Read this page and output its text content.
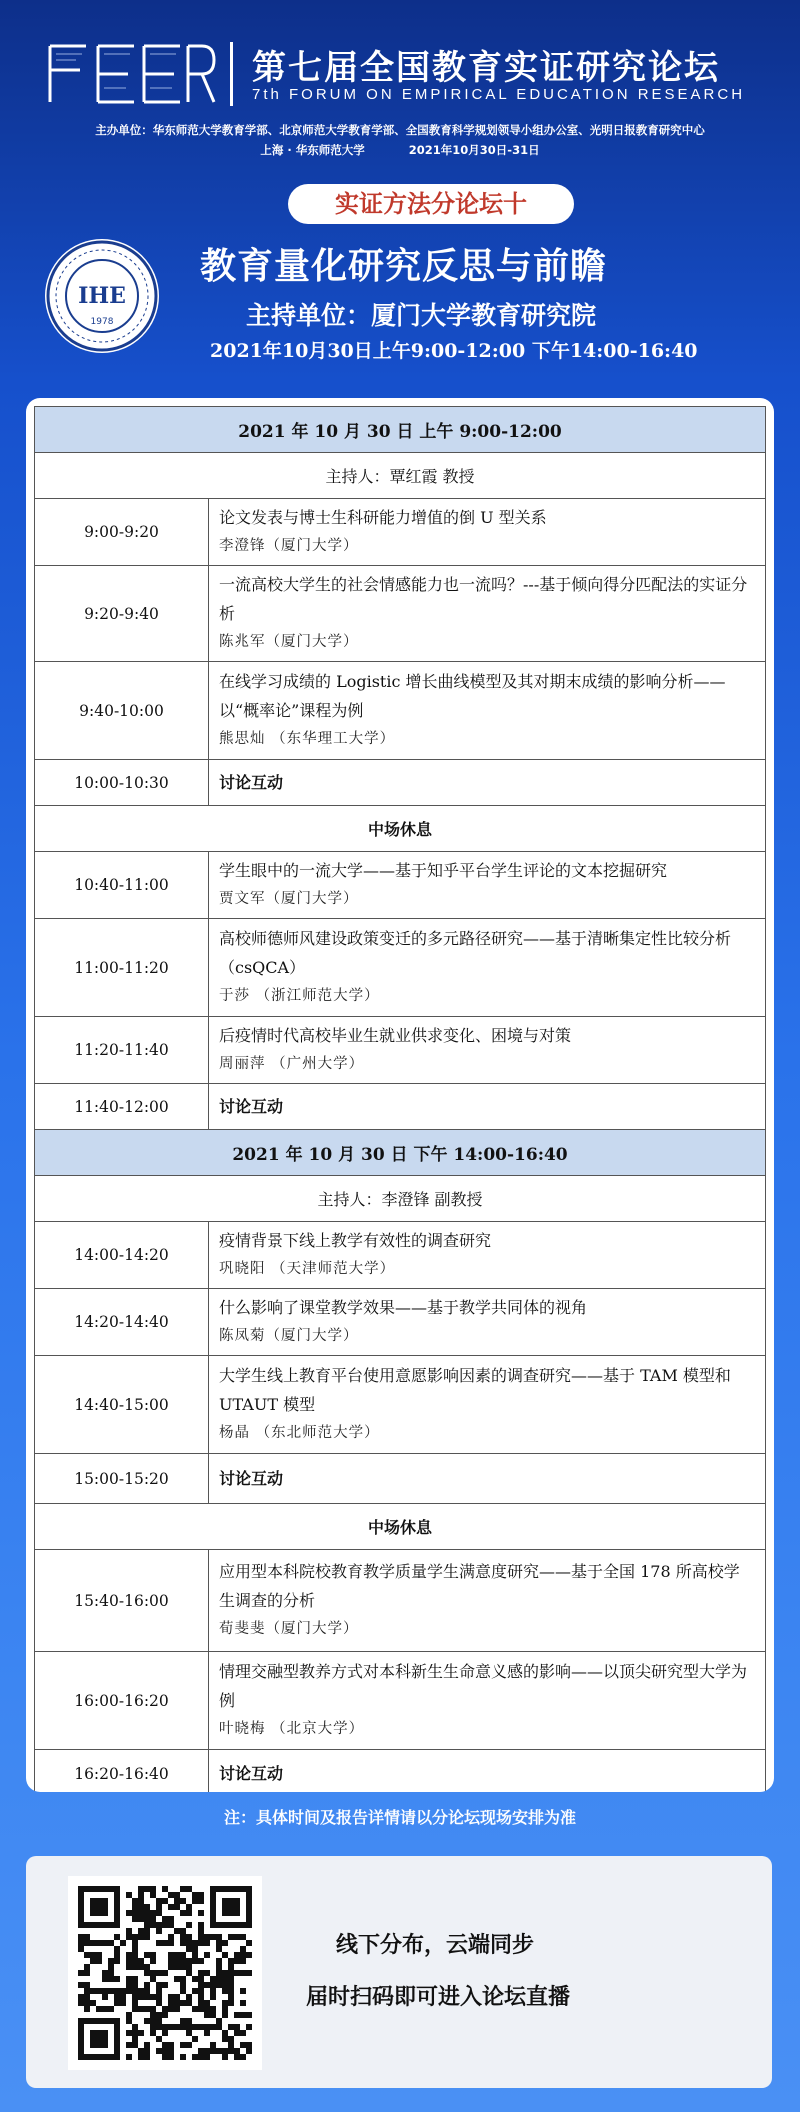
第七届全国教育实证研究论坛
7th FORUM ON EMPIRICAL EDUCATION RESEARCH
主办单位：华东师范大学教育学部、北京师范大学教育学部、全国教育科学规划领导小组办公室、光明日报教育研究中心
上海 · 华东师范大学	2021年10月30日-31日
实证方法分论坛十
IHE
1978
教育量化研究反思与前瞻
主持单位：厦门大学教育研究院
2021年10月30日上午9:00-12:00 下午14:00-16:40
2021 年 10 月 30 日 上午 9:00-12:00	
主持人：覃红霞 教授	
9:00-9:20	论文发表与博士生科研能力增值的倒 U 型关系
李澄锋（厦门大学）

9:20-9:40	一流高校大学生的社会情感能力也一流吗？---基于倾向得分匹配法的实证分析
陈兆军（厦门大学）

9:40-10:00	在线学习成绩的 Logistic 增长曲线模型及其对期末成绩的影响分析——以“概率论”课程为例
熊思灿 （东华理工大学）

10:00-10:30	讨论互动
中场休息	
10:40-11:00	学生眼中的一流大学——基于知乎平台学生评论的文本挖掘研究
贾文军（厦门大学）

11:00-11:20	高校师德师风建设政策变迁的多元路径研究——基于清晰集定性比较分析（csQCA）
于莎 （浙江师范大学）

11:20-11:40	后疫情时代高校毕业生就业供求变化、困境与对策
周丽萍 （广州大学）

11:40-12:00	讨论互动
2021 年 10 月 30 日 下午 14:00-16:40	
主持人：李澄锋 副教授	
14:00-14:20	疫情背景下线上教学有效性的调查研究
巩晓阳 （天津师范大学）

14:20-14:40	什么影响了课堂教学效果——基于教学共同体的视角
陈凤菊（厦门大学）

14:40-15:00	大学生线上教育平台使用意愿影响因素的调查研究——基于 TAM 模型和 UTAUT 模型
杨晶 （东北师范大学）

15:00-15:20	讨论互动
中场休息	
15:40-16:00	应用型本科院校教育教学质量学生满意度研究——基于全国 178 所高校学生调查的分析
荀斐斐（厦门大学）

16:00-16:20	情理交融型教养方式对本科新生生命意义感的影响——以顶尖研究型大学为例
叶晓梅 （北京大学）

16:20-16:40	讨论互动
注：具体时间及报告详情请以分论坛现场安排为准
线下分布，云端同步
届时扫码即可进入论坛直播
